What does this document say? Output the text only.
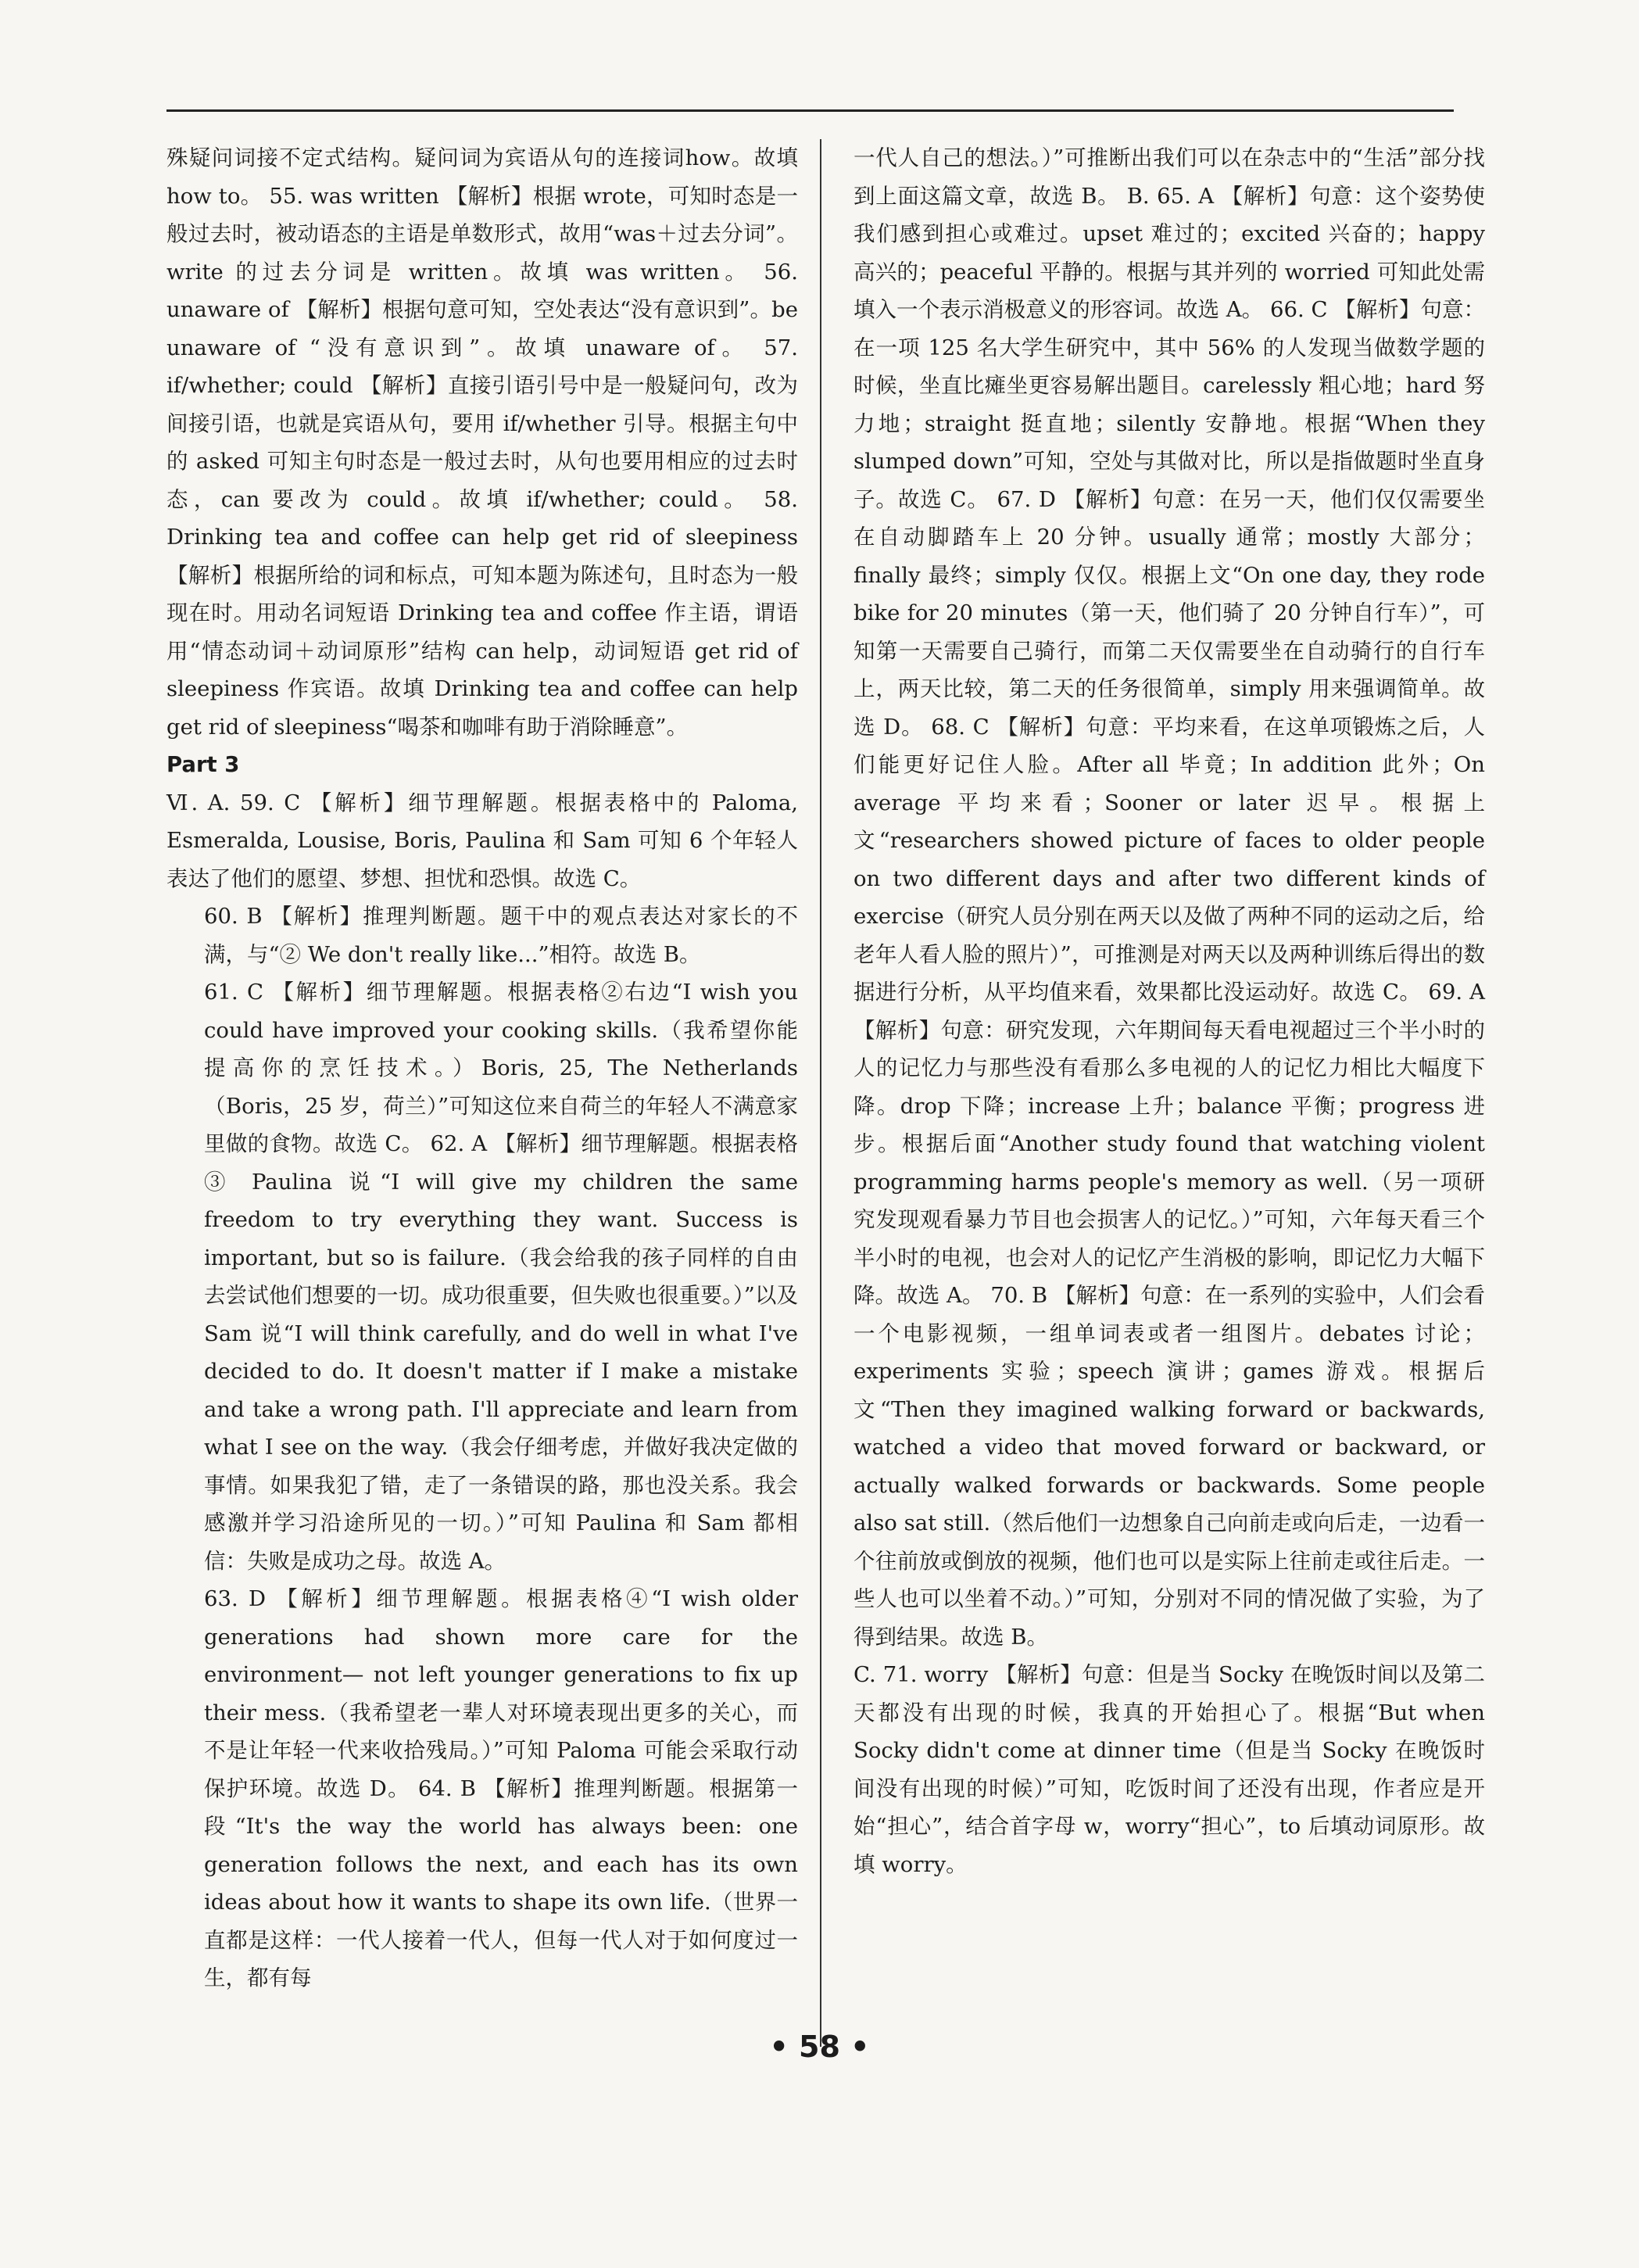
殊疑问词接不定式结构。疑问词为宾语从句的连接词how。故填 how to。 55. was written 【解析】根据 wrote，可知时态是一般过去时，被动语态的主语是单数形式，故用“was＋过去分词”。write 的过去分词是 written。故填 was written。 56. unaware of 【解析】根据句意可知，空处表达“没有意识到”。be unaware of “没有意识到”。故填 unaware of。 57. if/whether; could 【解析】直接引语引号中是一般疑问句，改为间接引语，也就是宾语从句，要用 if/whether 引导。根据主句中的 asked 可知主句时态是一般过去时，从句也要用相应的过去时态，can 要改为 could。故填 if/whether; could。 58. Drinking tea and coffee can help get rid of sleepiness 【解析】根据所给的词和标点，可知本题为陈述句，且时态为一般现在时。用动名词短语 Drinking tea and coffee 作主语，谓语用“情态动词＋动词原形”结构 can help，动词短语 get rid of sleepiness 作宾语。故填 Drinking tea and coffee can help get rid of sleepiness“喝茶和咖啡有助于消除睡意”。

Part 3

Ⅵ. A. 59. C 【解析】细节理解题。根据表格中的 Paloma, Esmeralda, Lousise, Boris, Paulina 和 Sam 可知 6 个年轻人表达了他们的愿望、梦想、担忧和恐惧。故选 C。

60. B 【解析】推理判断题。题干中的观点表达对家长的不满，与“② We don't really like...”相符。故选 B。

61. C 【解析】细节理解题。根据表格②右边“I wish you could have improved your cooking skills.（我希望你能提高你的烹饪技术。）Boris, 25, The Netherlands（Boris，25 岁，荷兰）”可知这位来自荷兰的年轻人不满意家里做的食物。故选 C。 62. A 【解析】细节理解题。根据表格③ Paulina 说“I will give my children the same freedom to try everything they want. Success is important, but so is failure.（我会给我的孩子同样的自由去尝试他们想要的一切。成功很重要，但失败也很重要。）”以及 Sam 说“I will think carefully, and do well in what I've decided to do. It doesn't matter if I make a mistake and take a wrong path. I'll appreciate and learn from what I see on the way.（我会仔细考虑，并做好我决定做的事情。如果我犯了错，走了一条错误的路，那也没关系。我会感激并学习沿途所见的一切。）”可知 Paulina 和 Sam 都相信：失败是成功之母。故选 A。

63. D 【解析】细节理解题。根据表格④“I wish older generations had shown more care for the environment— not left younger generations to fix up their mess.（我希望老一辈人对环境表现出更多的关心，而不是让年轻一代来收拾残局。）”可知 Paloma 可能会采取行动保护环境。故选 D。 64. B 【解析】推理判断题。根据第一段“It's the way the world has always been: one generation follows the next, and each has its own ideas about how it wants to shape its own life.（世界一直都是这样：一代人接着一代人，但每一代人对于如何度过一生，都有每

一代人自己的想法。）”可推断出我们可以在杂志中的“生活”部分找到上面这篇文章，故选 B。 B. 65. A 【解析】句意：这个姿势使我们感到担心或难过。upset 难过的；excited 兴奋的；happy 高兴的；peaceful 平静的。根据与其并列的 worried 可知此处需填入一个表示消极意义的形容词。故选 A。 66. C 【解析】句意：在一项 125 名大学生研究中，其中 56% 的人发现当做数学题的时候，坐直比瘫坐更容易解出题目。carelessly 粗心地；hard 努力地；straight 挺直地；silently 安静地。根据“When they slumped down”可知，空处与其做对比，所以是指做题时坐直身子。故选 C。 67. D 【解析】句意：在另一天，他们仅仅需要坐在自动脚踏车上 20 分钟。usually 通常；mostly 大部分；finally 最终；simply 仅仅。根据上文“On one day, they rode bike for 20 minutes（第一天，他们骑了 20 分钟自行车）”，可知第一天需要自己骑行，而第二天仅需要坐在自动骑行的自行车上，两天比较，第二天的任务很简单，simply 用来强调简单。故选 D。 68. C 【解析】句意：平均来看，在这单项锻炼之后，人们能更好记住人脸。After all 毕竟；In addition 此外；On average 平均来看；Sooner or later 迟早。根据上文“researchers showed picture of faces to older people on two different days and after two different kinds of exercise（研究人员分别在两天以及做了两种不同的运动之后，给老年人看人脸的照片）”，可推测是对两天以及两种训练后得出的数据进行分析，从平均值来看，效果都比没运动好。故选 C。 69. A 【解析】句意：研究发现，六年期间每天看电视超过三个半小时的人的记忆力与那些没有看那么多电视的人的记忆力相比大幅度下降。drop 下降；increase 上升；balance 平衡；progress 进步。根据后面“Another study found that watching violent programming harms people's memory as well.（另一项研究发现观看暴力节目也会损害人的记忆。）”可知，六年每天看三个半小时的电视，也会对人的记忆产生消极的影响，即记忆力大幅下降。故选 A。 70. B 【解析】句意：在一系列的实验中，人们会看一个电影视频，一组单词表或者一组图片。debates 讨论；experiments 实验；speech 演讲；games 游戏。根据后文“Then they imagined walking forward or backwards, watched a video that moved forward or backward, or actually walked forwards or backwards. Some people also sat still.（然后他们一边想象自己向前走或向后走，一边看一个往前放或倒放的视频，他们也可以是实际上往前走或往后走。一些人也可以坐着不动。）”可知，分别对不同的情况做了实验，为了得到结果。故选 B。

C. 71. worry 【解析】句意：但是当 Socky 在晚饭时间以及第二天都没有出现的时候，我真的开始担心了。根据“But when Socky didn't come at dinner time（但是当 Socky 在晚饭时间没有出现的时候）”可知，吃饭时间了还没有出现，作者应是开始“担心”，结合首字母 w，worry“担心”，to 后填动词原形。故填 worry。

• 58 •
